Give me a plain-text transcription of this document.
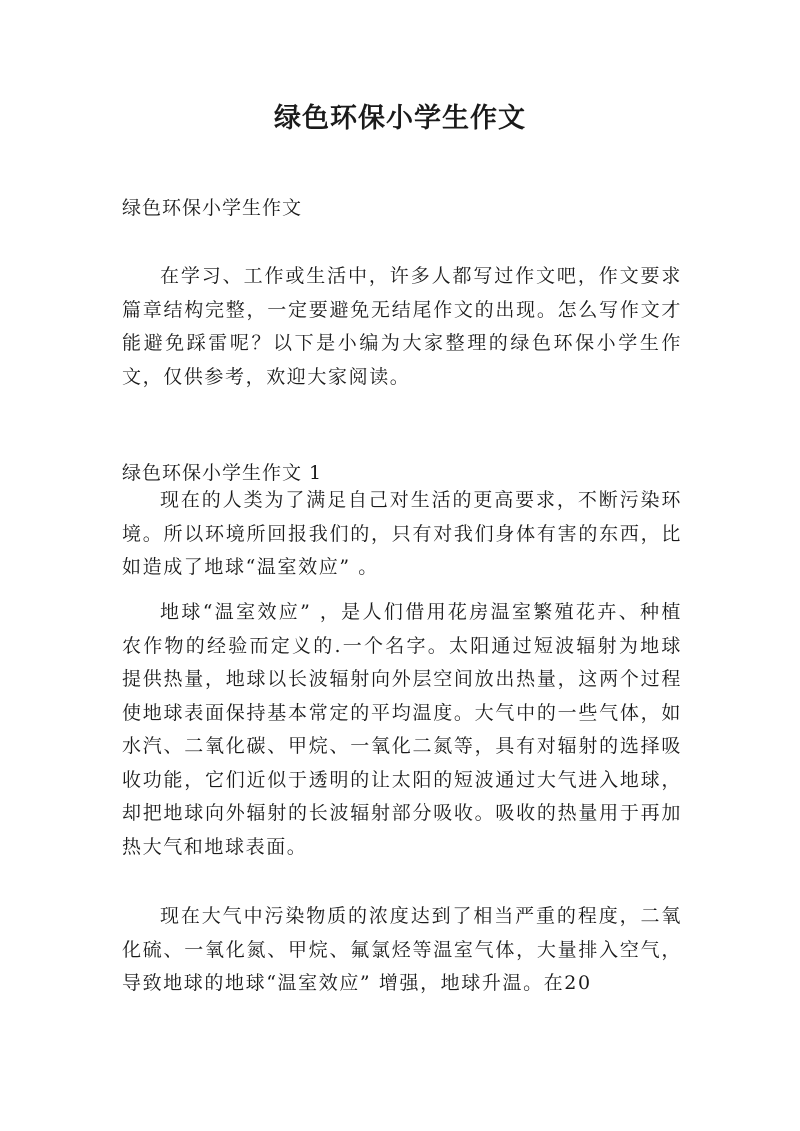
绿色环保小学生作文
绿色环保小学生作文

在学习、工作或生活中，许多人都写过作文吧，作文要求篇章结构完整，一定要避免无结尾作文的出现。怎么写作文才能避免踩雷呢？以下是小编为大家整理的绿色环保小学生作文，仅供参考，欢迎大家阅读。

绿色环保小学生作文 1

现在的人类为了满足自己对生活的更高要求，不断污染环境。所以环境所回报我们的，只有对我们身体有害的东西，比如造成了地球“温室效应” 。

地球“温室效应” ，是人们借用花房温室繁殖花卉、种植农作物的经验而定义的.一个名字。太阳通过短波辐射为地球提供热量，地球以长波辐射向外层空间放出热量，这两个过程使地球表面保持基本常定的平均温度。大气中的一些气体，如水汽、二氧化碳、甲烷、一氧化二氮等，具有对辐射的选择吸收功能，它们近似于透明的让太阳的短波通过大气进入地球，却把地球向外辐射的长波辐射部分吸收。吸收的热量用于再加热大气和地球表面。

现在大气中污染物质的浓度达到了相当严重的程度，二氧化硫、一氧化氮、甲烷、氟氯烃等温室气体，大量排入空气，导致地球的地球“温室效应” 增强，地球升温。在20
